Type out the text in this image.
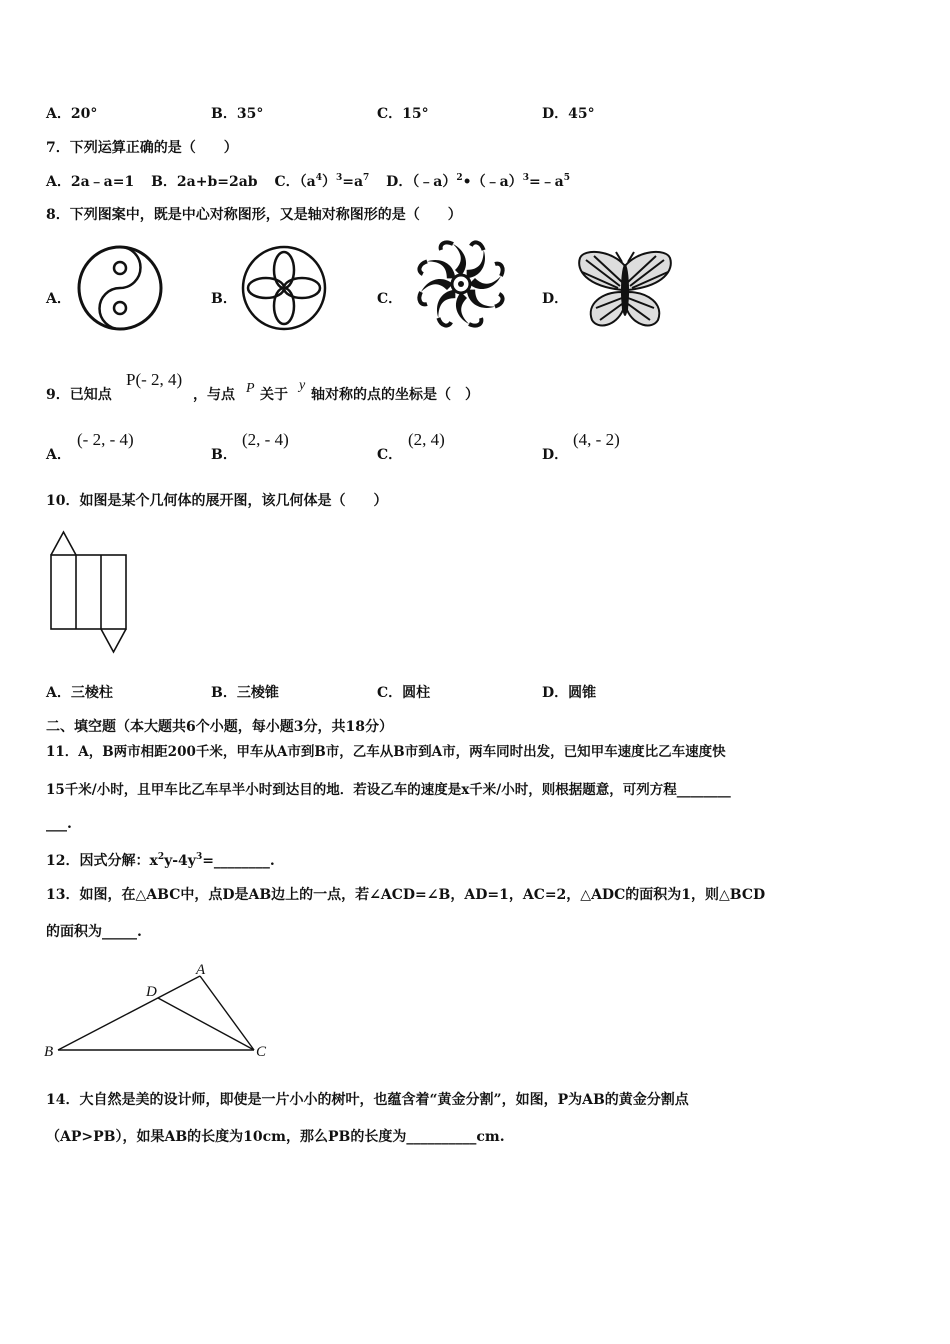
A．20°	B．35°	C．15°	D．45°
7．下列运算正确的是（　　）
A．2a﹣a=1 B．2a+b=2ab C．$(a^4)^3=a^7$ D．$(﹣a)^2•(﹣a)^3=﹣a^5$
8．下列图案中，既是中心对称图形，又是轴对称图形的是（　　）
A．	B．	C．	D．
9．已知点
P(- 2, 4)
，与点 P 关于
y
轴对称的点的坐标是（　）
A．
(- 2, - 4)
B．
(2, - 4)
C．
(2, 4)
D．
(4, - 2)
10．如图是某个几何体的展开图，该几何体是（　　）
A．三棱柱	B．三棱锥	C．圆柱	D．圆锥
二、填空题（本大题共6个小题，每小题3分，共18分）
11．A，B两市相距200千米，甲车从A市到B市，乙车从B市到A市，两车同时出发，已知甲车速度比乙车速度快
15千米/小时，且甲车比乙车早半小时到达目的地．若设乙车的速度是x千米/小时，则根据题意，可列方程________
___.
12．因式分解：$x^2y-4y^3=\_\_\_\_\_\_\_\_$.
13．如图，在△ABC中，点D是AB边上的一点，若∠ACD=∠B，AD=1，AC=2，△ADC的面积为1，则△BCD
的面积为_____.
A
D
B	C
14．大自然是美的设计师，即使是一片小小的树叶，也蕴含着“黄金分割”，如图，P为AB的黄金分割点
（AP>PB），如果AB的长度为10cm，那么PB的长度为__________cm.
